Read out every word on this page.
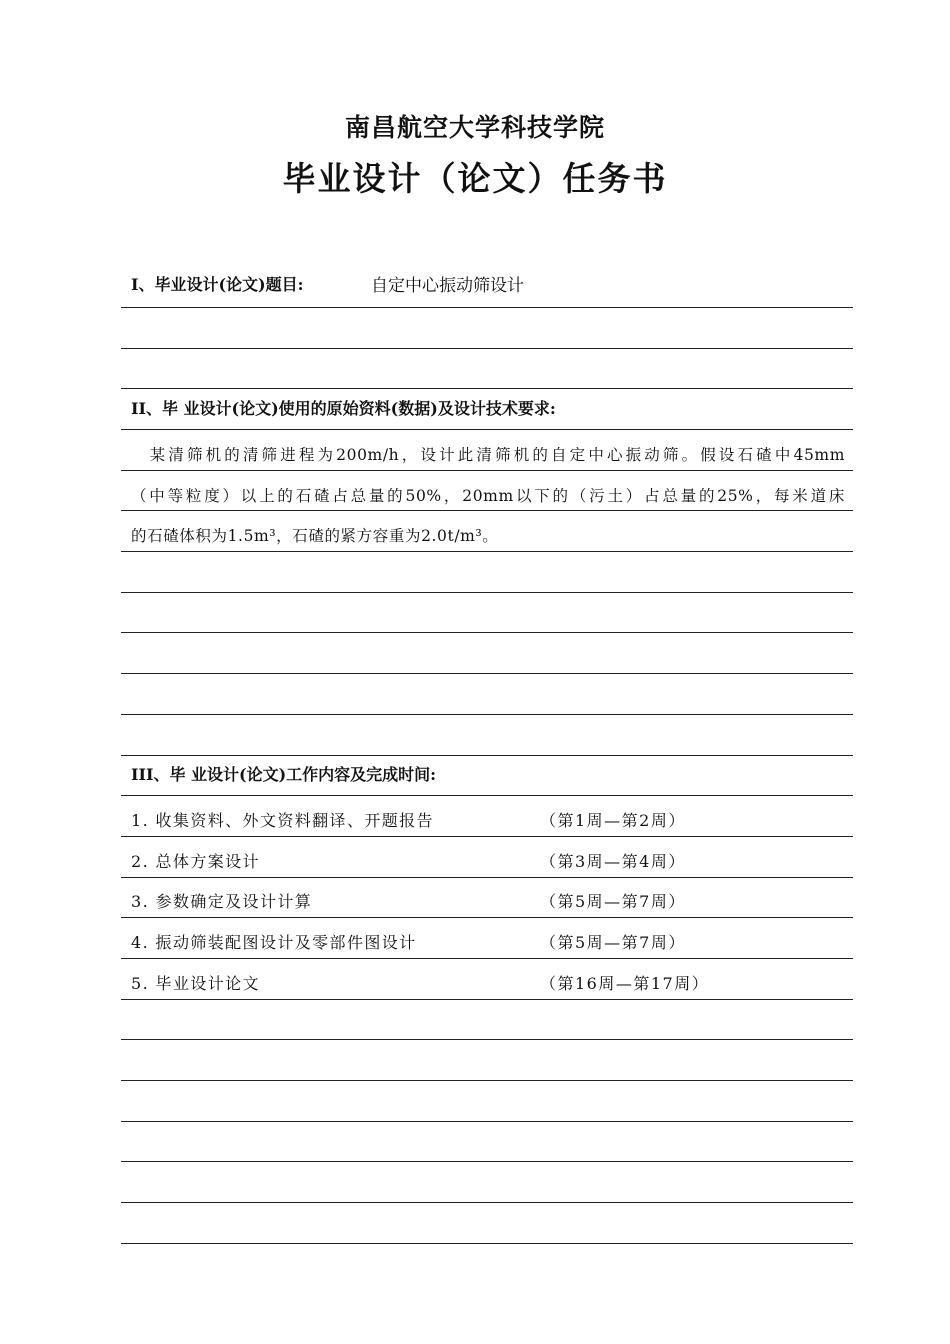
南昌航空大学科技学院
毕业设计（论文）任务书
I、毕业设计(论文)题目:	自定中心振动筛设计
II、毕 业设计(论文)使用的原始资料(数据)及设计技术要求:
　某清筛机的清筛进程为200m/h，设计此清筛机的自定中心振动筛。假设石碴中45mm
（中等粒度）以上的石碴占总量的50%，20mm以下的（污土）占总量的25%，每米道床
的石碴体积为1.5m³，石碴的紧方容重为2.0t/m³。
III、毕 业设计(论文)工作内容及完成时间:
1. 收集资料、外文资料翻译、开题报告	（第1周—第2周）
2. 总体方案设计	（第3周—第4周）
3. 参数确定及设计计算	（第5周—第7周）
4. 振动筛装配图设计及零部件图设计	（第5周—第7周）
5. 毕业设计论文	（第16周—第17周）
